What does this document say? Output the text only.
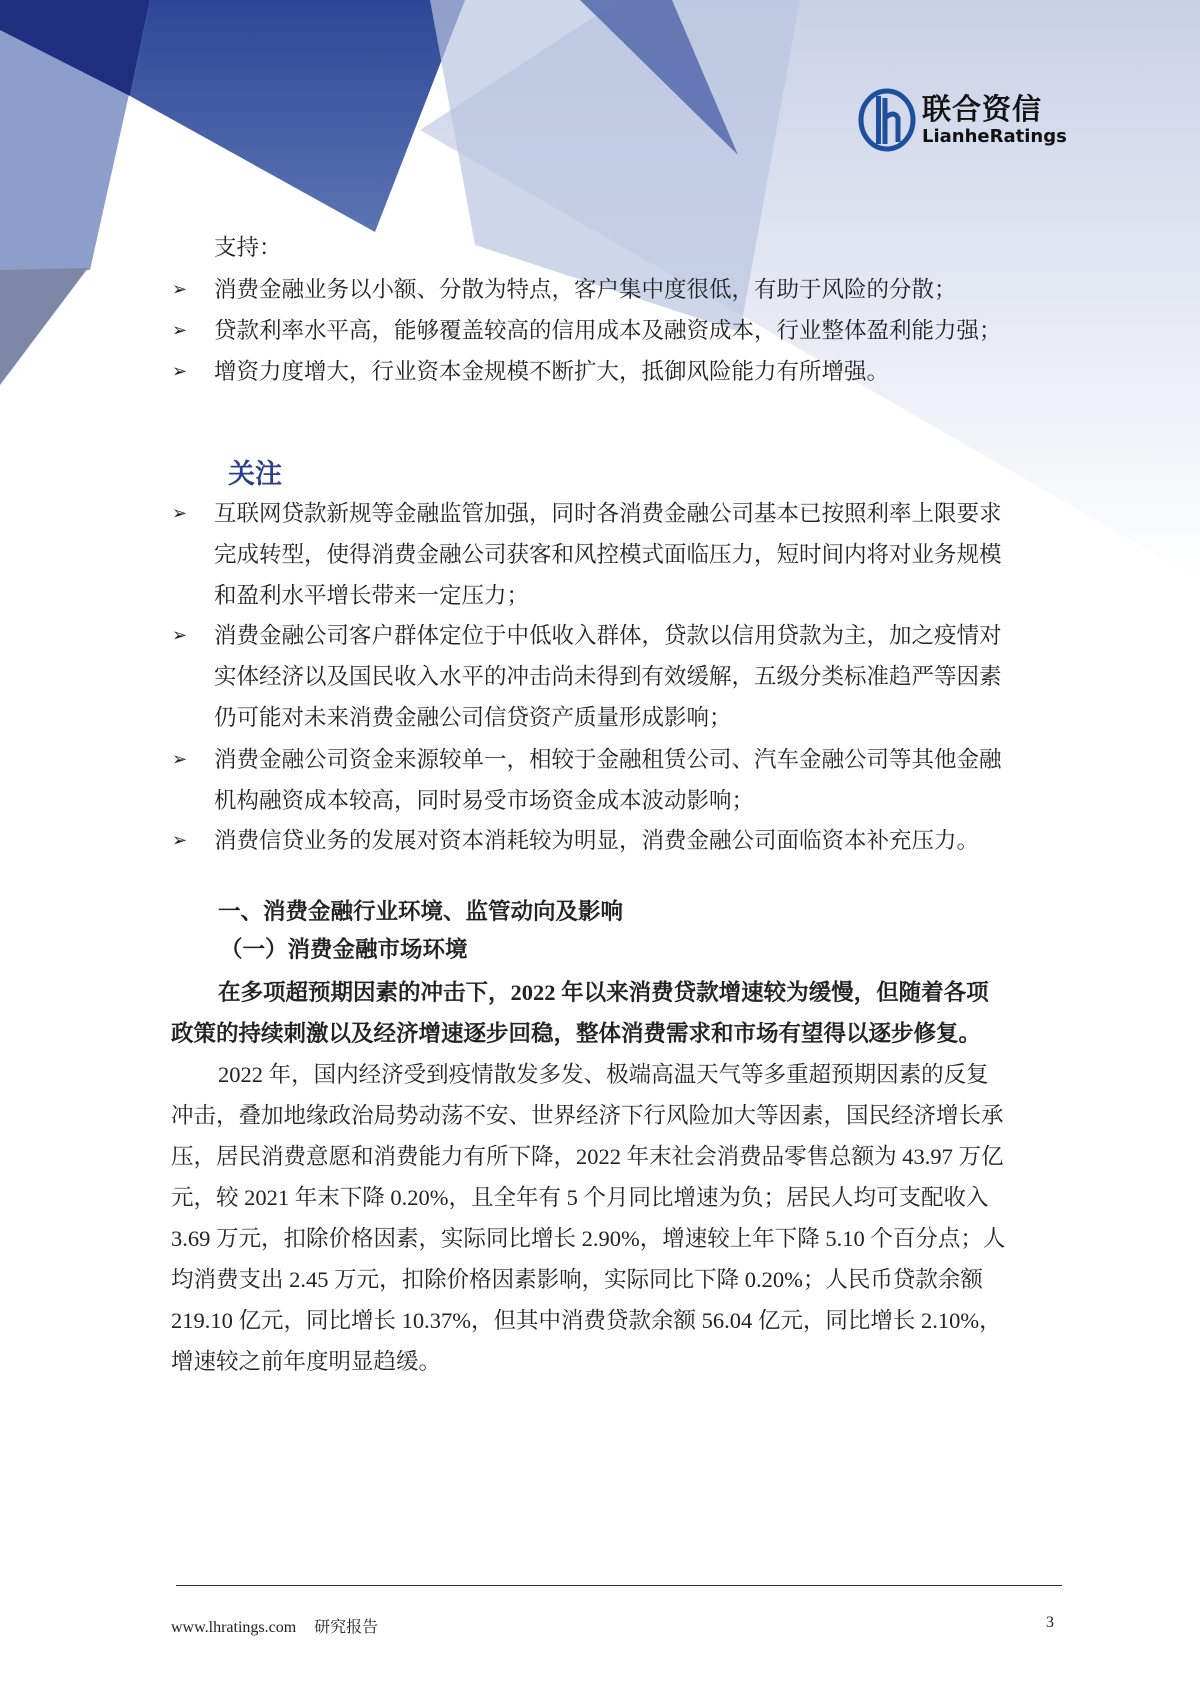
联合资信
LianheRatings
支持：
➢ 消费金融业务以小额、分散为特点，客户集中度很低，有助于风险的分散；
➢ 贷款利率水平高，能够覆盖较高的信用成本及融资成本，行业整体盈利能力强；
➢ 增资力度增大，行业资本金规模不断扩大，抵御风险能力有所增强。
关注
➢ 互联网贷款新规等金融监管加强，同时各消费金融公司基本已按照利率上限要求
完成转型，使得消费金融公司获客和风控模式面临压力，短时间内将对业务规模
和盈利水平增长带来一定压力；
➢ 消费金融公司客户群体定位于中低收入群体，贷款以信用贷款为主，加之疫情对
实体经济以及国民收入水平的冲击尚未得到有效缓解，五级分类标准趋严等因素
仍可能对未来消费金融公司信贷资产质量形成影响；
➢ 消费金融公司资金来源较单一，相较于金融租赁公司、汽车金融公司等其他金融
机构融资成本较高，同时易受市场资金成本波动影响；
➢ 消费信贷业务的发展对资本消耗较为明显，消费金融公司面临资本补充压力。
一、消费金融行业环境、监管动向及影响
（一）消费金融市场环境
在多项超预期因素的冲击下，2022 年以来消费贷款增速较为缓慢，但随着各项
政策的持续刺激以及经济增速逐步回稳，整体消费需求和市场有望得以逐步修复。
2022 年，国内经济受到疫情散发多发、极端高温天气等多重超预期因素的反复
冲击，叠加地缘政治局势动荡不安、世界经济下行风险加大等因素，国民经济增长承
压，居民消费意愿和消费能力有所下降，2022 年末社会消费品零售总额为 43.97 万亿
元，较 2021 年末下降 0.20%，且全年有 5 个月同比增速为负；居民人均可支配收入
3.69 万元，扣除价格因素，实际同比增长 2.90%，增速较上年下降 5.10 个百分点；人
均消费支出 2.45 万元，扣除价格因素影响，实际同比下降 0.20%；人民币贷款余额
219.10 亿元，同比增长 10.37%，但其中消费贷款余额 56.04 亿元，同比增长 2.10%，
增速较之前年度明显趋缓。
www.lhratings.com 研究报告	3
